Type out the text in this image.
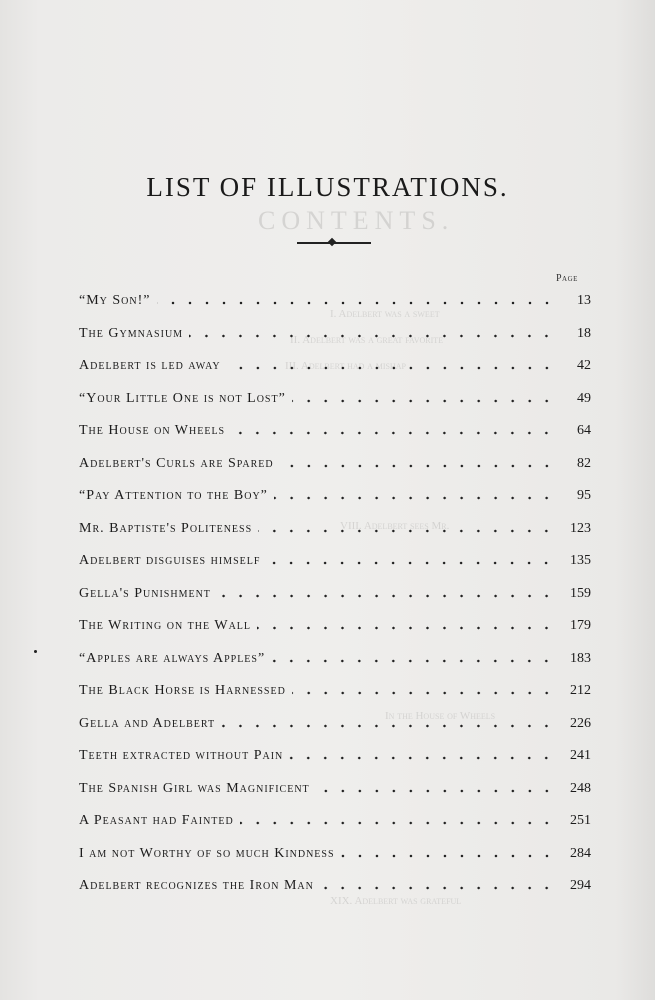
CONTENTS.
I. Adelbert was a sweet
In the House of Wheels
XIX. Adelbert was grateful
LIST OF ILLUSTRATIONS.
Page
“My Son!”	13
The Gymnasium	18
Adelbert is led away	42
“Your Little One is not Lost”	49
The House on Wheels	64
Adelbert's Curls are Spared	82
“Pay Attention to the Boy”	95
Mr. Baptiste's Politeness	123
Adelbert disguises himself	135
Gella's Punishment	159
The Writing on the Wall	179
“Apples are always Apples”	183
The Black Horse is Harnessed	212
Gella and Adelbert	226
Teeth extracted without Pain	241
The Spanish Girl was Magnificent	248
A Peasant had Fainted	251
I am not Worthy of so much Kindness	284
Adelbert recognizes the Iron Man	294
